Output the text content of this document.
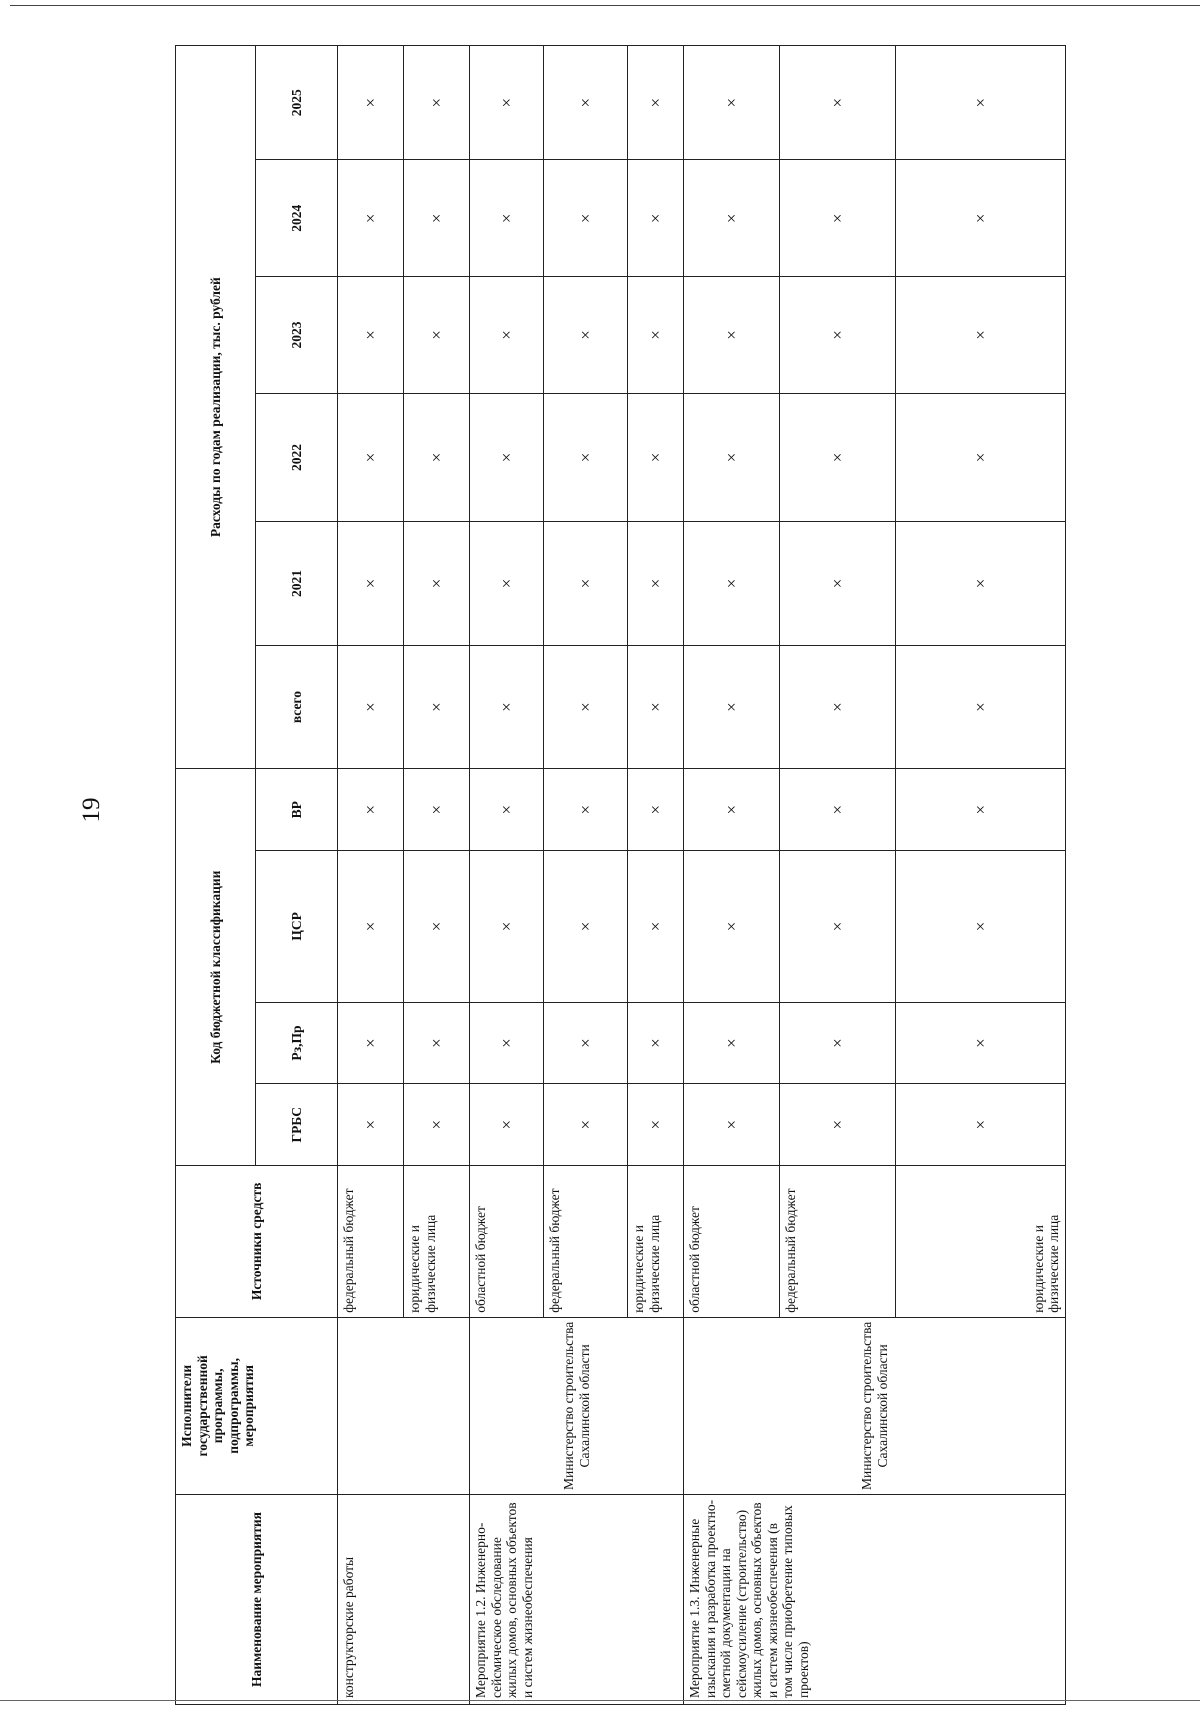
19
Наименование мероприятия	Исполнители государственной программы, подпрограммы, мероприятия	Источники средств	Код бюджетной классификации				Расходы по годам реализации, тыс. рублей					
			ГРБС	Рз,Пр	ЦСР	ВР	всего	2021	2022	2023	2024	2025
конструкторские работы		федеральный бюджет	×	×	×	×	×	×	×	×	×	×
		юридические и физические лица	×	×	×	×	×	×	×	×	×	×
Мероприятие 1.2. Инженерно-сейсмическое обследование жилых домов, основных объектов и систем жизнеобеспечения	Министерство строительства Сахалинской области	областной бюджет	×	×	×	×	×	×	×	×	×	×
		федеральный бюджет	×	×	×	×	×	×	×	×	×	×
		юридические и физические лица	×	×	×	×	×	×	×	×	×	×
Мероприятие 1.3. Инженерные изыскания и разработка проектно-сметной документации на сейсмоусиление (строительство) жилых домов, основных объектов и систем жизнеобеспечения (в том числе приобретение типовых проектов)	Министерство строительства Сахалинской области	областной бюджет	×	×	×	×	×	×	×	×	×	×
		федеральный бюджет	×	×	×	×	×	×	×	×	×	×
		юридические и физические лица	×	×	×	×	×	×	×	×	×	×
